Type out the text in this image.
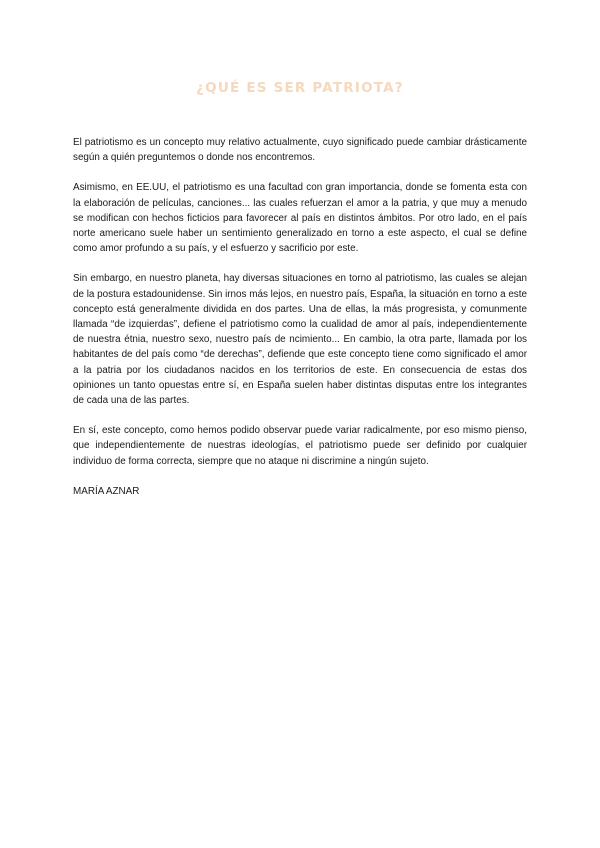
¿QUÉ ES SER PATRIOTA?

El patriotismo es un concepto muy relativo actualmente, cuyo significado puede cambiar drásticamente según a quién preguntemos o donde nos encontremos.

Asimismo, en EE.UU, el patriotismo es una facultad con gran importancia, donde se fomenta esta con la elaboración de películas, canciones... las cuales refuerzan el amor a la patria, y que muy a menudo se modifican con hechos ficticios para favorecer al país en distintos ámbitos. Por otro lado, en el país norte americano suele haber un sentimiento generalizado en torno a este aspecto, el cual se define como amor profundo a su país, y el esfuerzo y sacrificio por este.

Sin embargo, en nuestro planeta, hay diversas situaciones en torno al patriotismo, las cuales se alejan de la postura estadounidense. Sin irnos más lejos, en nuestro país, España, la situación en torno a este concepto está generalmente dividida en dos partes. Una de ellas, la más progresista, y comunmente llamada “de izquierdas”, defiene el patriotismo como la cualidad de amor al país, independientemente de nuestra étnia, nuestro sexo, nuestro país de ncimiento... En cambio, la otra parte, llamada por los habitantes de del país como “de derechas”, defiende que este concepto tiene como significado el amor a la patria por los ciudadanos nacidos en los territorios de este. En consecuencia de estas dos opiniones un tanto opuestas entre sí, en España suelen haber distintas disputas entre los integrantes de cada una de las partes.

En sí, este concepto, como hemos podido observar puede variar radicalmente, por eso mismo pienso, que independientemente de nuestras ideologías, el patriotismo puede ser definido por cualquier individuo de forma correcta, siempre que no ataque ni discrimine a ningún sujeto.

MARÍA AZNAR
